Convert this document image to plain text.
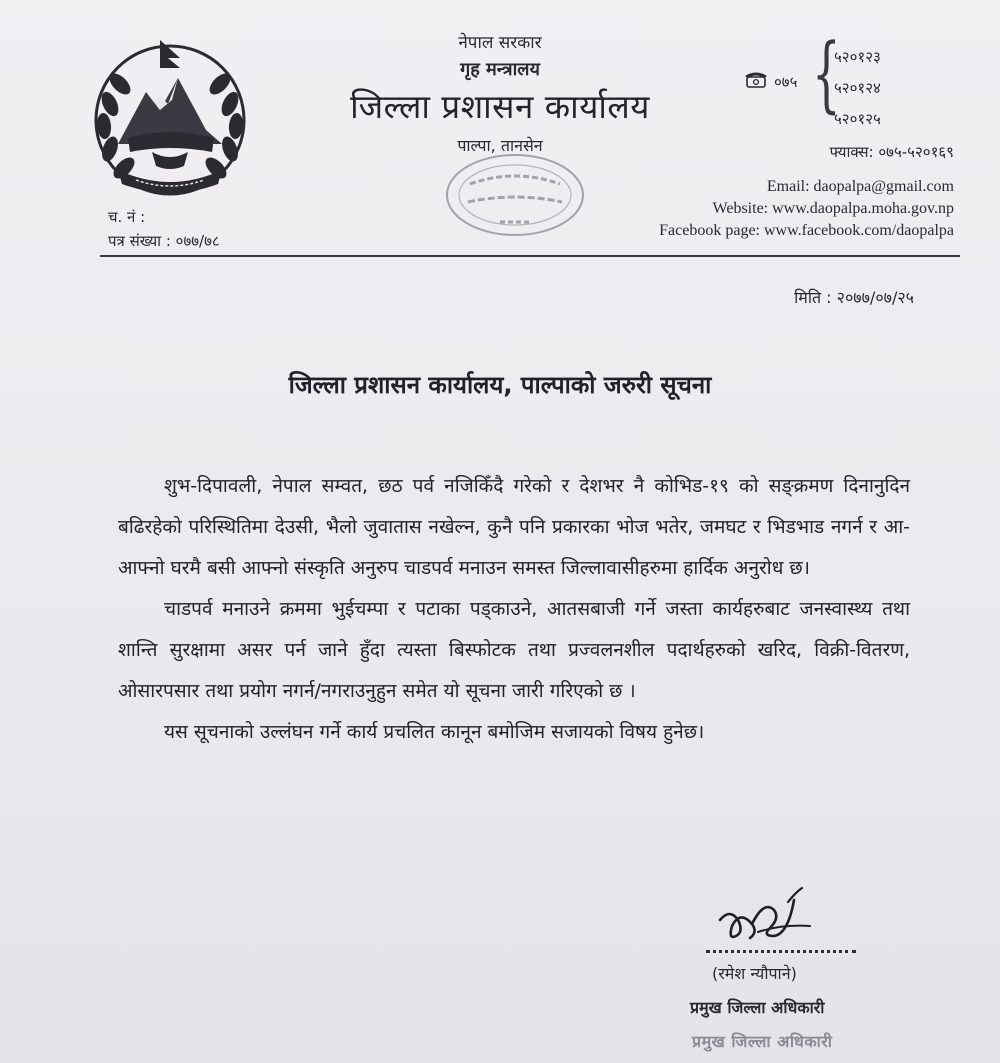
नेपाल सरकार
गृह मन्त्रालय
जिल्ला प्रशासन कार्यालय
पाल्पा, तानसेन
०७५ {
५२०१२३
५२०१२४
५२०१२५
फ्याक्स: ०७५-५२०१६९
Email: daopalpa@gmail.com
Website: www.daopalpa.moha.gov.np
Facebook page: www.facebook.com/daopalpa
च. नं :
पत्र संख्या : ०७७/७८
मिति : २०७७/०७/२५
जिल्ला प्रशासन कार्यालय, पाल्पाको जरुरी सूचना

शुभ-दिपावली, नेपाल सम्वत, छठ पर्व नजिकिँदै गरेको र देशभर नै कोभिड-१९ को सङ्क्रमण दिनानुदिन बढिरहेको परिस्थितिमा देउसी, भैलो जुवातास नखेल्न, कुनै पनि प्रकारका भोज भतेर, जमघट र भिडभाड नगर्न र आ-आफ्नो घरमै बसी आफ्नो संस्कृति अनुरुप चाडपर्व मनाउन समस्त जिल्लावासीहरुमा हार्दिक अनुरोध छ।

चाडपर्व मनाउने क्रममा भुईचम्पा र पटाका पड्काउने, आतसबाजी गर्ने जस्ता कार्यहरुबाट जनस्वास्थ्य तथा शान्ति सुरक्षामा असर पर्न जाने हुँदा त्यस्ता बिस्फोटक तथा प्रज्वलनशील पदार्थहरुको खरिद, विक्री-वितरण, ओसारपसार तथा प्रयोग नगर्न/नगराउनुहुन समेत यो सूचना जारी गरिएको छ ।

यस सूचनाको उल्लंघन गर्ने कार्य प्रचलित कानून बमोजिम सजायको विषय हुनेछ।

(रमेश न्यौपाने)
प्रमुख जिल्ला अधिकारी
प्रमुख जिल्ला अधिकारी
